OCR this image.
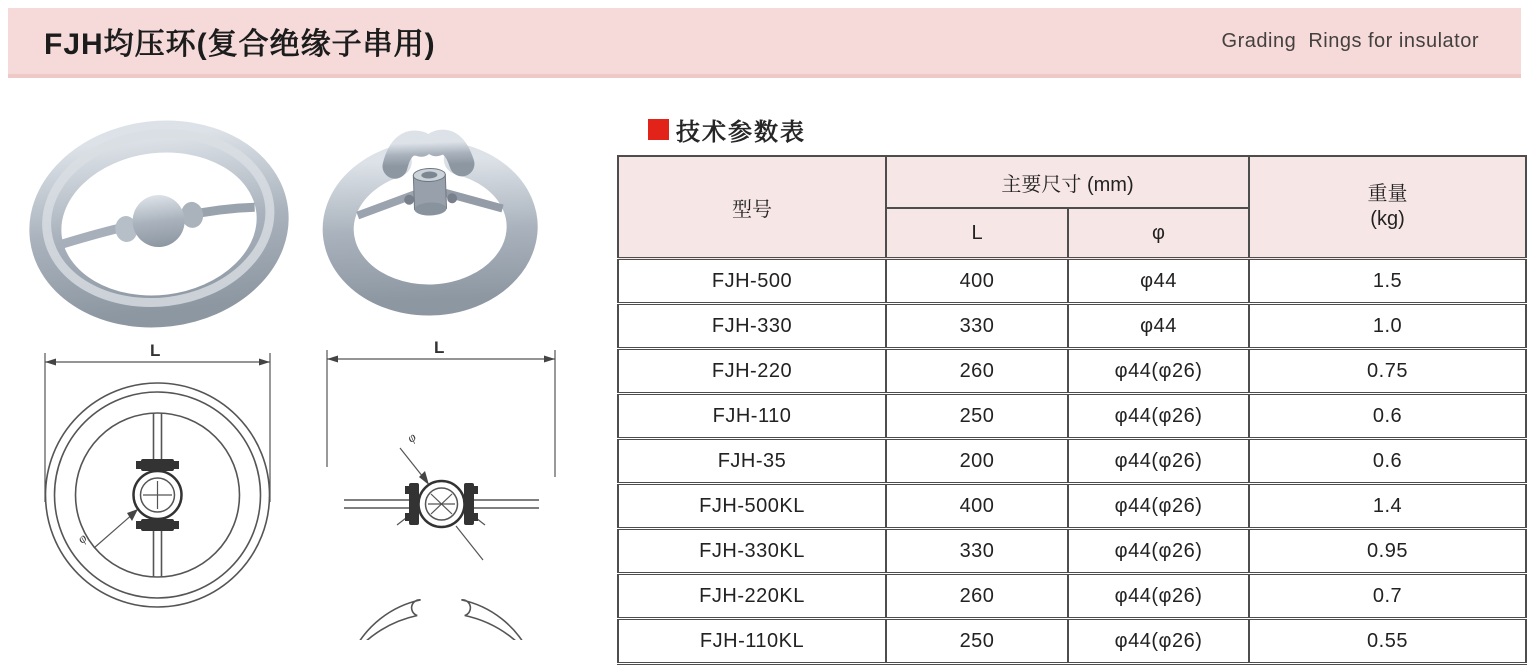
FJH均压环(复合绝缘子串用)	Grading  Rings for insulator
L
φ
L
φ
技术参数表
型号	主要尺寸 (mm)		重量
(kg)

	L	φ	
FJH-500	400	φ44	1.5
FJH-330	330	φ44	1.0
FJH-220	260	φ44(φ26)	0.75
FJH-110	250	φ44(φ26)	0.6
FJH-35	200	φ44(φ26)	0.6
FJH-500KL	400	φ44(φ26)	1.4
FJH-330KL	330	φ44(φ26)	0.95
FJH-220KL	260	φ44(φ26)	0.7
FJH-110KL	250	φ44(φ26)	0.55
